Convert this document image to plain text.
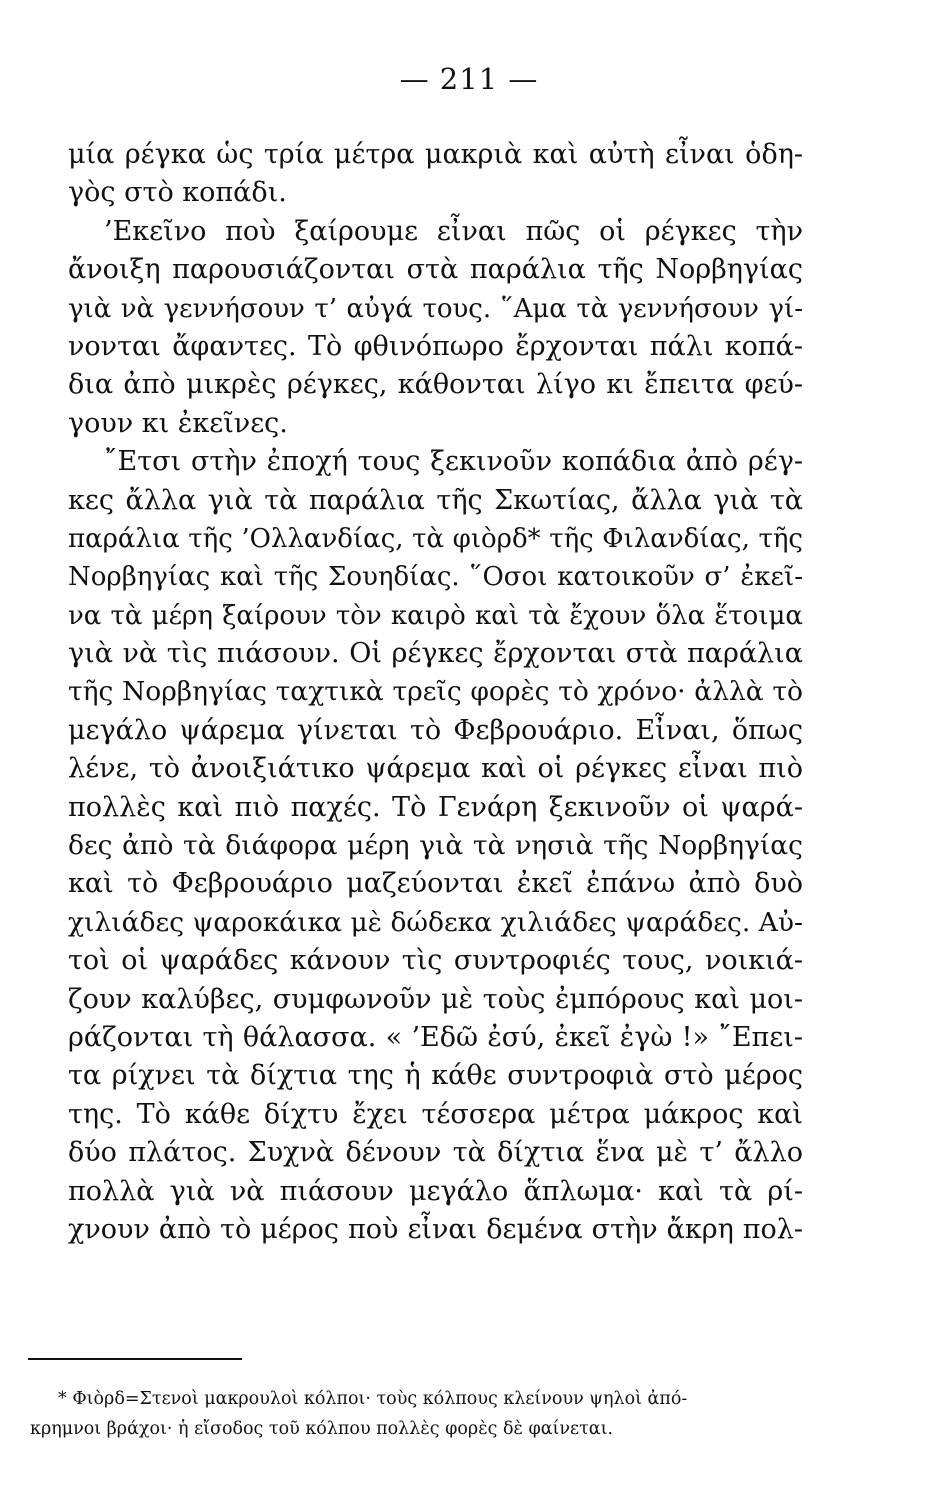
— 211 —
μία ρέγκα ὡς τρία μέτρα μακριὰ καὶ αὐτὴ εἶναι ὁδη-
γὸς στὸ κοπάδι.
’Εκεῖνο ποὺ ξαίρουμε εἶναι πῶς οἱ ρέγκες τὴν
ἄνοιξη παρουσιάζονται στὰ παράλια τῆς Νορβηγίας
γιὰ νὰ γεννήσουν τ’ αὐγά τους. ῞Αμα τὰ γεννήσουν γί-
νονται ἄφαντες. Τὸ φθινόπωρο ἔρχονται πάλι κοπά-
δια ἀπὸ μικρὲς ρέγκες, κάθονται λίγο κι ἔπειτα φεύ-
γουν κι ἐκεῖνες.
῎Ετσι στὴν ἐποχή τους ξεκινοῦν κοπάδια ἀπὸ ρέγ-
κες ἄλλα γιὰ τὰ παράλια τῆς Σκωτίας, ἄλλα γιὰ τὰ
παράλια τῆς ’Ολλανδίας, τὰ φιὸρδ* τῆς Φιλανδίας, τῆς
Νορβηγίας καὶ τῆς Σουηδίας. ῞Οσοι κατοικοῦν σ’ ἐκεῖ-
να τὰ μέρη ξαίρουν τὸν καιρὸ καὶ τὰ ἔχουν ὅλα ἕτοιμα
γιὰ νὰ τὶς πιάσουν. Οἱ ρέγκες ἔρχονται στὰ παράλια
τῆς Νορβηγίας ταχτικὰ τρεῖς φορὲς τὸ χρόνο· ἀλλὰ τὸ
μεγάλο ψάρεμα γίνεται τὸ Φεβρουάριο. Εἶναι, ὅπως
λένε, τὸ ἀνοιξιάτικο ψάρεμα καὶ οἱ ρέγκες εἶναι πιὸ
πολλὲς καὶ πιὸ παχές. Τὸ Γενάρη ξεκινοῦν οἱ ψαρά-
δες ἀπὸ τὰ διάφορα μέρη γιὰ τὰ νησιὰ τῆς Νορβηγίας
καὶ τὸ Φεβρουάριο μαζεύονται ἐκεῖ ἐπάνω ἀπὸ δυὸ
χιλιάδες ψαροκάικα μὲ δώδεκα χιλιάδες ψαράδες. Αὐ-
τοὶ οἱ ψαράδες κάνουν τὶς συντροφιές τους, νοικιά-
ζουν καλύβες, συμφωνοῦν μὲ τοὺς ἐμπόρους καὶ μοι-
ράζονται τὴ θάλασσα. « ’Εδῶ ἐσύ, ἐκεῖ ἐγὼ !» ῎Επει-
τα ρίχνει τὰ δίχτια της ἡ κάθε συντροφιὰ στὸ μέρος
της. Τὸ κάθε δίχτυ ἔχει τέσσερα μέτρα μάκρος καὶ
δύο πλάτος. Συχνὰ δένουν τὰ δίχτια ἕνα μὲ τ’ ἄλλο
πολλὰ γιὰ νὰ πιάσουν μεγάλο ἅπλωμα· καὶ τὰ ρί-
χνουν ἀπὸ τὸ μέρος ποὺ εἶναι δεμένα στὴν ἄκρη πολ-
* Φιὸρδ=Στενοὶ μακρουλοὶ κόλποι· τοὺς κόλπους κλείνουν ψηλοὶ ἀπό-
κρημνοι βράχοι· ἡ εἴσοδος τοῦ κόλπου πολλὲς φορὲς δὲ φαίνεται.
